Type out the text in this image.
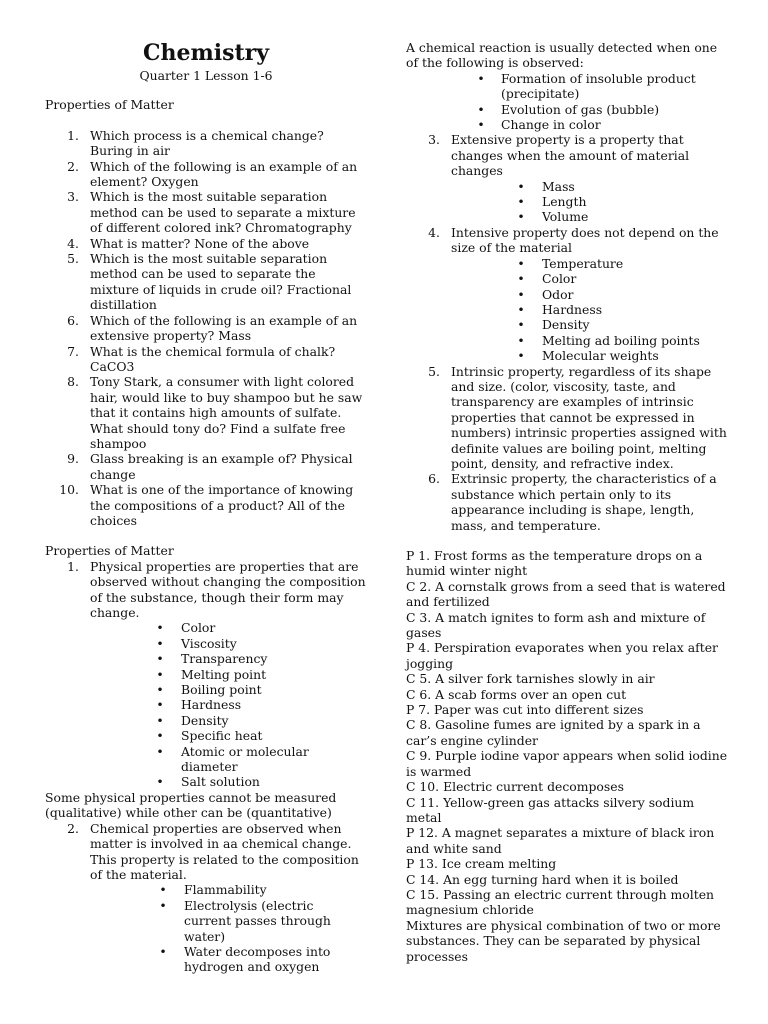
Chemistry
Quarter 1 Lesson 1-6

Properties of Matter

1. Which process is a chemical change? Buring in air
2. Which of the following is an example of an element? Oxygen
3. Which is the most suitable separation method can be used to separate a mixture of different colored ink? Chromatography
4. What is matter? None of the above
5. Which is the most suitable separation method can be used to separate the mixture of liquids in crude oil? Fractional distillation
6. Which of the following is an example of an extensive property? Mass
7. What is the chemical formula of chalk? CaCO3
8. Tony Stark, a consumer with light colored hair, would like to buy shampoo but he saw that it contains high amounts of sulfate. What should tony do? Find a sulfate free shampoo
9. Glass breaking is an example of? Physical change
10. What is one of the importance of knowing the compositions of a product? All of the choices

Properties of Matter

1. Physical properties are properties that are observed without changing the composition of the substance, though their form may change.
• Color
• Viscosity
• Transparency
• Melting point
• Boiling point
• Hardness
• Density
• Specific heat
• Atomic or molecular diameter
• Salt solution

Some physical properties cannot be measured (qualitative) while other can be (quantitative)

2. Chemical properties are observed when matter is involved in aa chemical change. This property is related to the composition of the material.
• Flammability
• Electrolysis (electric current passes through water)
• Water decomposes into hydrogen and oxygen

A chemical reaction is usually detected when one of the following is observed:

• Formation of insoluble product (precipitate)
• Evolution of gas (bubble)
• Change in color
3. Extensive property is a property that changes when the amount of material changes
• Mass
• Length
• Volume
4. Intensive property does not depend on the size of the material
• Temperature
• Color
• Odor
• Hardness
• Density
• Melting ad boiling points
• Molecular weights
5. Intrinsic property, regardless of its shape and size. (color, viscosity, taste, and transparency are examples of intrinsic properties that cannot be expressed in numbers) intrinsic properties assigned with definite values are boiling point, melting point, density, and refractive index.
6. Extrinsic property, the characteristics of a substance which pertain only to its appearance including is shape, length, mass, and temperature.

P 1. Frost forms as the temperature drops on a humid winter night

C 2. A cornstalk grows from a seed that is watered and fertilized

C 3. A match ignites to form ash and mixture of gases

P 4. Perspiration evaporates when you relax after jogging

C 5. A silver fork tarnishes slowly in air

C 6. A scab forms over an open cut

P 7. Paper was cut into different sizes

C 8. Gasoline fumes are ignited by a spark in a car’s engine cylinder

C 9. Purple iodine vapor appears when solid iodine is warmed

C 10. Electric current decomposes

C 11. Yellow-green gas attacks silvery sodium metal

P 12. A magnet separates a mixture of black iron and white sand

P 13. Ice cream melting

C 14. An egg turning hard when it is boiled

C 15. Passing an electric current through molten magnesium chloride

Mixtures are physical combination of two or more substances. They can be separated by physical processes
